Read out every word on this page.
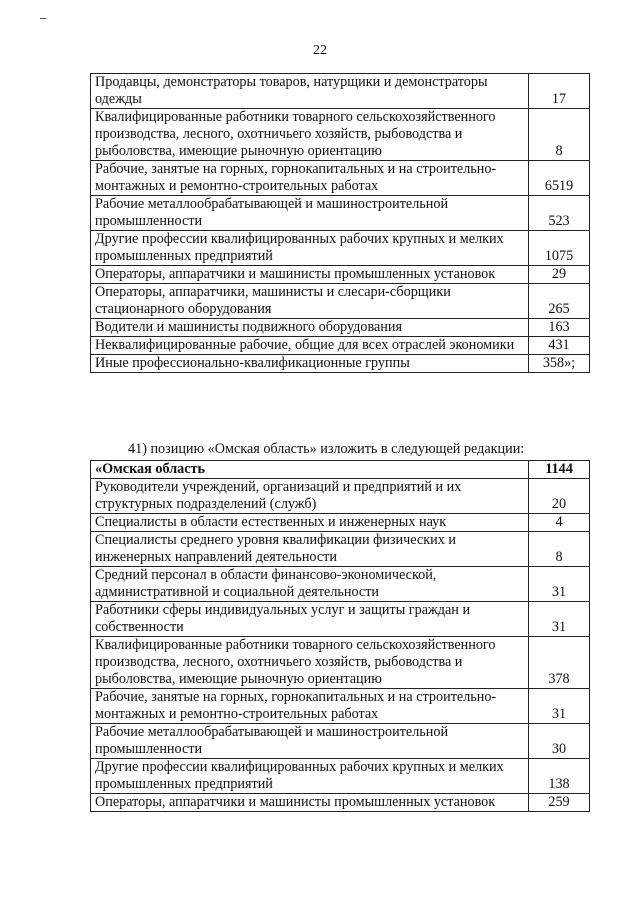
22
Продавцы, демонстраторы товаров, натурщики и демонстраторы одежды	17
Квалифицированные работники товарного сельскохозяйственного производства, лесного, охотничьего хозяйств, рыбоводства и рыболовства, имеющие рыночную ориентацию	8
Рабочие, занятые на горных, горнокапитальных и на строительно-монтажных и ремонтно-строительных работах	6519
Рабочие металлообрабатывающей и машиностроительной промышленности	523
Другие профессии квалифицированных рабочих крупных и мелких промышленных предприятий	1075
Операторы, аппаратчики и машинисты промышленных установок	29
Операторы, аппаратчики, машинисты и слесари-сборщики стационарного оборудования	265
Водители и машинисты подвижного оборудования	163
Неквалифицированные рабочие, общие для всех отраслей экономики	431
Иные профессионально-квалификационные группы	358»;
41) позицию «Омская область» изложить в следующей редакции:
«Омская область	1144
Руководители учреждений, организаций и предприятий и их структурных подразделений (служб)	20
Специалисты в области естественных и инженерных наук	4
Специалисты среднего уровня квалификации физических и инженерных направлений деятельности	8
Средний персонал в области финансово-экономической, административной и социальной деятельности	31
Работники сферы индивидуальных услуг и защиты граждан и собственности	31
Квалифицированные работники товарного сельскохозяйственного производства, лесного, охотничьего хозяйств, рыбоводства и рыболовства, имеющие рыночную ориентацию	378
Рабочие, занятые на горных, горнокапитальных и на строительно-монтажных и ремонтно-строительных работах	31
Рабочие металлообрабатывающей и машиностроительной промышленности	30
Другие профессии квалифицированных рабочих крупных и мелких промышленных предприятий	138
Операторы, аппаратчики и машинисты промышленных установок	259
